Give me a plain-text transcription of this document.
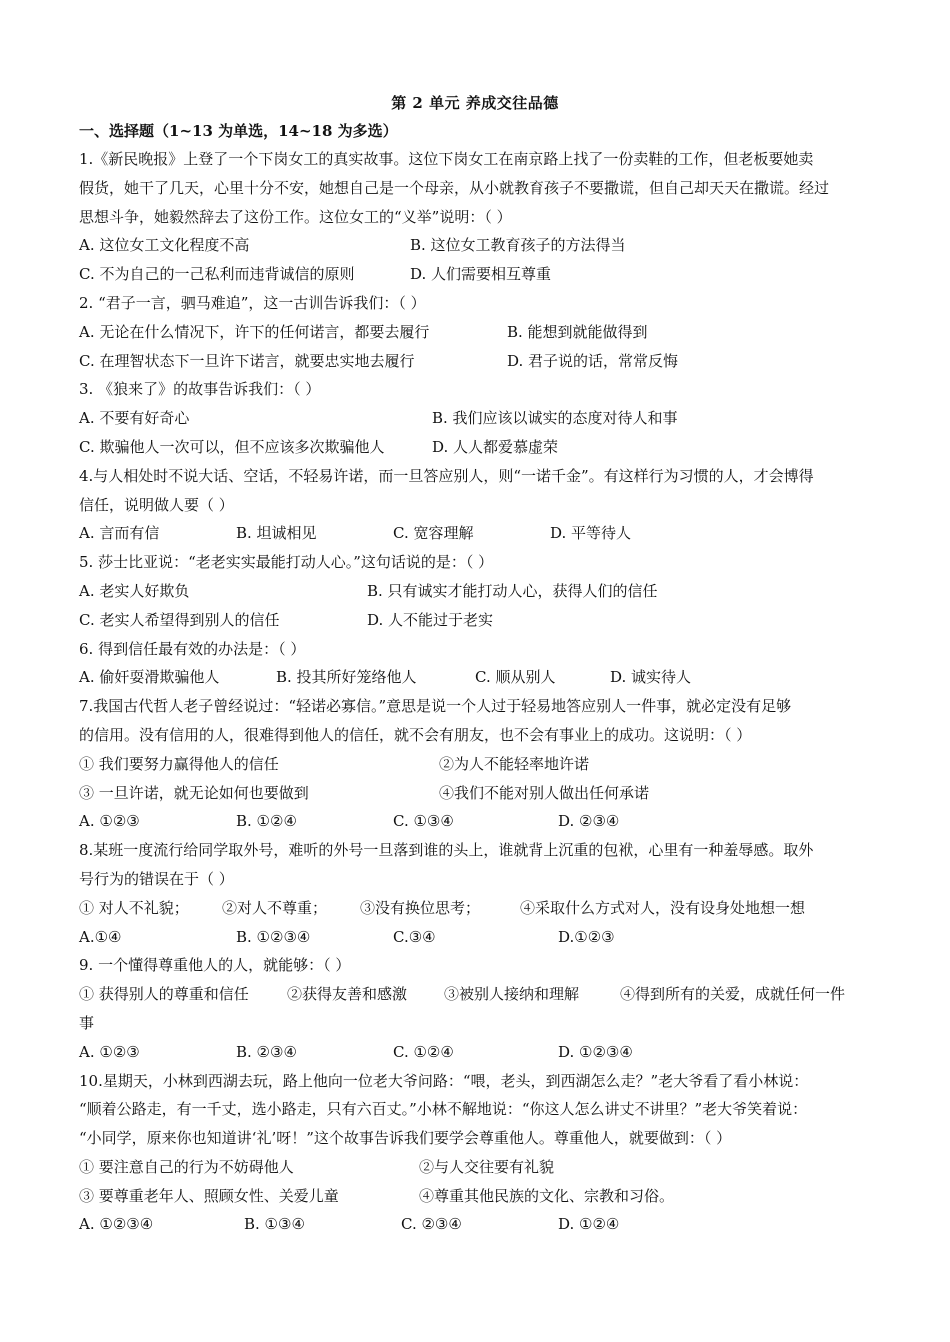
第 2 单元 养成交往品德
一、选择题（1~13 为单选，14~18 为多选）
1.《新民晚报》上登了一个下岗女工的真实故事。这位下岗女工在南京路上找了一份卖鞋的工作，但老板要她卖
假货，她干了几天，心里十分不安，她想自己是一个母亲，从小就教育孩子不要撒谎，但自己却天天在撒谎。经过
思想斗争，她毅然辞去了这份工作。这位女工的“义举”说明：（ ）
A. 这位女工文化程度不高	B. 这位女工教育孩子的方法得当
C. 不为自己的一己私利而违背诚信的原则	D. 人们需要相互尊重
2. “君子一言，驷马难追”，这一古训告诉我们：（ ）
A. 无论在什么情况下，许下的任何诺言，都要去履行	B. 能想到就能做得到
C. 在理智状态下一旦许下诺言，就要忠实地去履行	D. 君子说的话，常常反悔
3. 《狼来了》的故事告诉我们：（ ）
A. 不要有好奇心	B. 我们应该以诚实的态度对待人和事
C. 欺骗他人一次可以，但不应该多次欺骗他人	D. 人人都爱慕虚荣
4.与人相处时不说大话、空话，不轻易许诺，而一旦答应别人，则“一诺千金”。有这样行为习惯的人，才会博得
信任，说明做人要（ ）
A. 言而有信	B. 坦诚相见	C. 宽容理解	D. 平等待人
5. 莎士比亚说：“老老实实最能打动人心。”这句话说的是：（ ）
A. 老实人好欺负	B. 只有诚实才能打动人心，获得人们的信任
C. 老实人希望得到别人的信任	D. 人不能过于老实
6. 得到信任最有效的办法是：（ ）
A. 偷奸耍滑欺骗他人	B. 投其所好笼络他人	C. 顺从别人	D. 诚实待人
7.我国古代哲人老子曾经说过：“轻诺必寡信。”意思是说一个人过于轻易地答应别人一件事，就必定没有足够
的信用。没有信用的人，很难得到他人的信任，就不会有朋友，也不会有事业上的成功。这说明：（ ）
① 我们要努力赢得他人的信任	②为人不能轻率地许诺
③ 一旦许诺，就无论如何也要做到	④我们不能对别人做出任何承诺
A. ①②③	B. ①②④	C. ①③④	D. ②③④
8.某班一度流行给同学取外号，难听的外号一旦落到谁的头上，谁就背上沉重的包袱，心里有一种羞辱感。取外
号行为的错误在于（ ）
① 对人不礼貌；	②对人不尊重；	③没有换位思考；	④采取什么方式对人，没有设身处地想一想
A.①④	B. ①②③④	C.③④	D.①②③
9. 一个懂得尊重他人的人，就能够：（ ）
① 获得别人的尊重和信任	②获得友善和感激	③被别人接纳和理解	④得到所有的关爱，成就任何一件
事
A. ①②③	B. ②③④	C. ①②④	D. ①②③④
10.星期天，小林到西湖去玩，路上他向一位老大爷问路：“喂，老头，到西湖怎么走？”老大爷看了看小林说：
“顺着公路走，有一千丈，选小路走，只有六百丈。”小林不解地说：“你这人怎么讲丈不讲里？”老大爷笑着说：
“小同学，原来你也知道讲‘礼’呀！”这个故事告诉我们要学会尊重他人。尊重他人，就要做到：（ ）
① 要注意自己的行为不妨碍他人	②与人交往要有礼貌
③ 要尊重老年人、照顾女性、关爱儿童	④尊重其他民族的文化、宗教和习俗。
A. ①②③④	B. ①③④	C. ②③④	D. ①②④
